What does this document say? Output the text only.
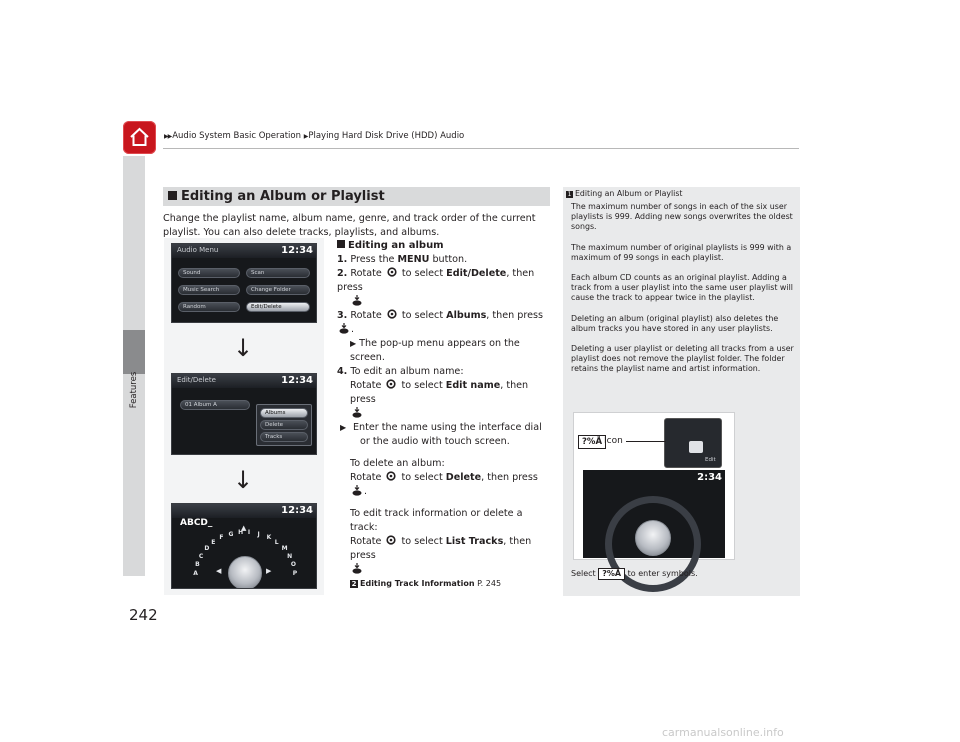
▶▶Audio System Basic Operation ▶Playing Hard Disk Drive (HDD) Audio
Features
242
Editing an Album or Playlist
Change the playlist name, album name, genre, and track order of the current playlist. You can also delete tracks, playlists, and albums.
Audio Menu	12:34
Sound	Scan
Music Search	Change Folder
Random	Edit/Delete
↓
Edit/Delete	12:34
01 Album A
Albums
Delete
Tracks
↓
12:34
ABCD_
A
B
C
D
E
F G H I J K
L
M
N
O
P
◀	▶
▲
Editing an album
1. Press the MENU button.
2. Rotate  to select Edit/Delete, then press
3. Rotate  to select Albums, then press .
▶ The pop-up menu appears on the screen.
4. To edit an album name:
Rotate  to select Edit name, then press
▶ Enter the name using the interface dial or the audio with touch screen.
To delete an album:
Rotate  to select Delete, then press .
To edit track information or delete a track:
Rotate  to select List Tracks, then press
2 Editing Track Information P. 245
1 Editing an Album or Playlist

The maximum number of songs in each of the six user playlists is 999. Adding new songs overwrites the oldest songs.

The maximum number of original playlists is 999 with a maximum of 99 songs in each playlist.

Each album CD counts as an original playlist. Adding a track from a user playlist into the same user playlist will cause the track to appear twice in the playlist.

Deleting an album (original playlist) also deletes the album tracks you have stored in any user playlists.

Deleting a user playlist or deleting all tracks from a user playlist does not remove the playlist folder. The folder retains the playlist name and artist information.

2:34
Edit
?%Å Icon
Select ?%Å to enter symbols.
carmanualsonline.info
